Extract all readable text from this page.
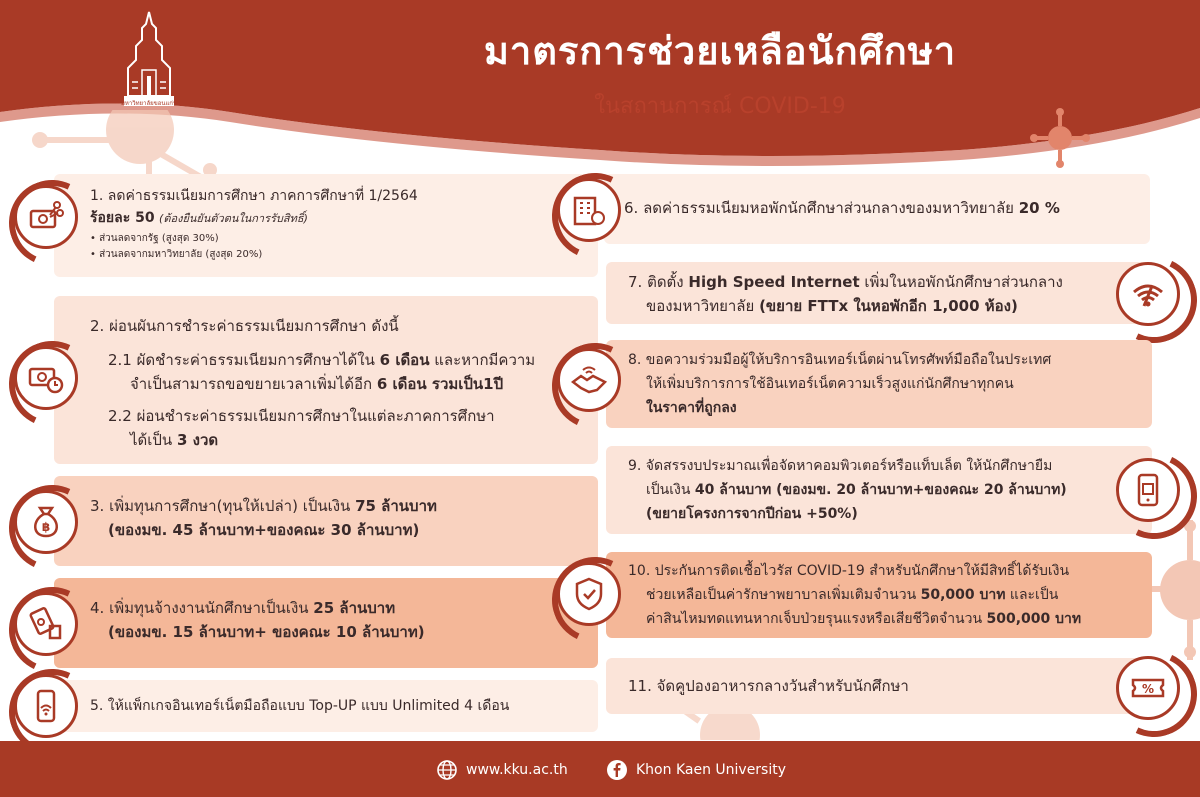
มหาวิทยาลัยขอนแก่น
มาตรการช่วยเหลือนักศึกษา
ในสถานการณ์ COVID-19
1. ลดค่าธรรมเนียมการศึกษา ภาคการศึกษาที่ 1/2564
ร้อยละ 50 (ต้องยืนยันตัวตนในการรับสิทธิ์)
• ส่วนลดจากรัฐ (สูงสุด 30%)
• ส่วนลดจากมหาวิทยาลัย (สูงสุด 20%)
2. ผ่อนผันการชำระค่าธรรมเนียมการศึกษา ดังนี้
2.1 ผัดชำระค่าธรรมเนียมการศึกษาได้ใน 6 เดือน และหากมีความ
จำเป็นสามารถขอขยายเวลาเพิ่มได้อีก 6 เดือน รวมเป็น1ปี
2.2 ผ่อนชำระค่าธรรมเนียมการศึกษาในแต่ละภาคการศึกษา
ได้เป็น 3 งวด
3. เพิ่มทุนการศึกษา(ทุนให้เปล่า) เป็นเงิน 75 ล้านบาท
(ของมข. 45 ล้านบาท+ของคณะ 30 ล้านบาท)
฿
4. เพิ่มทุนจ้างงานนักศึกษาเป็นเงิน 25 ล้านบาท
(ของมข. 15 ล้านบาท+ ของคณะ 10 ล้านบาท)
5. ให้แพ็กเกจอินเทอร์เน็ตมือถือแบบ Top-UP แบบ Unlimited 4 เดือน
6. ลดค่าธรรมเนียมหอพักนักศึกษาส่วนกลางของมหาวิทยาลัย 20 %
7. ติดตั้ง High Speed Internet เพิ่มในหอพักนักศึกษาส่วนกลาง
ของมหาวิทยาลัย (ขยาย FTTx ในหอพักอีก 1,000 ห้อง)
8. ขอความร่วมมือผู้ให้บริการอินเทอร์เน็ตผ่านโทรศัพท์มือถือในประเทศ
ให้เพิ่มบริการการใช้อินเทอร์เน็ตความเร็วสูงแก่นักศึกษาทุกคน
ในราคาที่ถูกลง
9. จัดสรรงบประมาณเพื่อจัดหาคอมพิวเตอร์หรือแท็บเล็ต ให้นักศึกษายืม
เป็นเงิน 40 ล้านบาท (ของมข. 20 ล้านบาท+ของคณะ 20 ล้านบาท)
(ขยายโครงการจากปีก่อน +50%)
10. ประกันการติดเชื้อไวรัส COVID-19 สำหรับนักศึกษาให้มีสิทธิ์ได้รับเงิน
ช่วยเหลือเป็นค่ารักษาพยาบาลเพิ่มเติมจำนวน 50,000 บาท และเป็น
ค่าสินไหมทดแทนหากเจ็บป่วยรุนแรงหรือเสียชีวิตจำนวน 500,000 บาท
11. จัดคูปองอาหารกลางวันสำหรับนักศึกษา	%
www.kku.ac.th	Khon Kaen University
